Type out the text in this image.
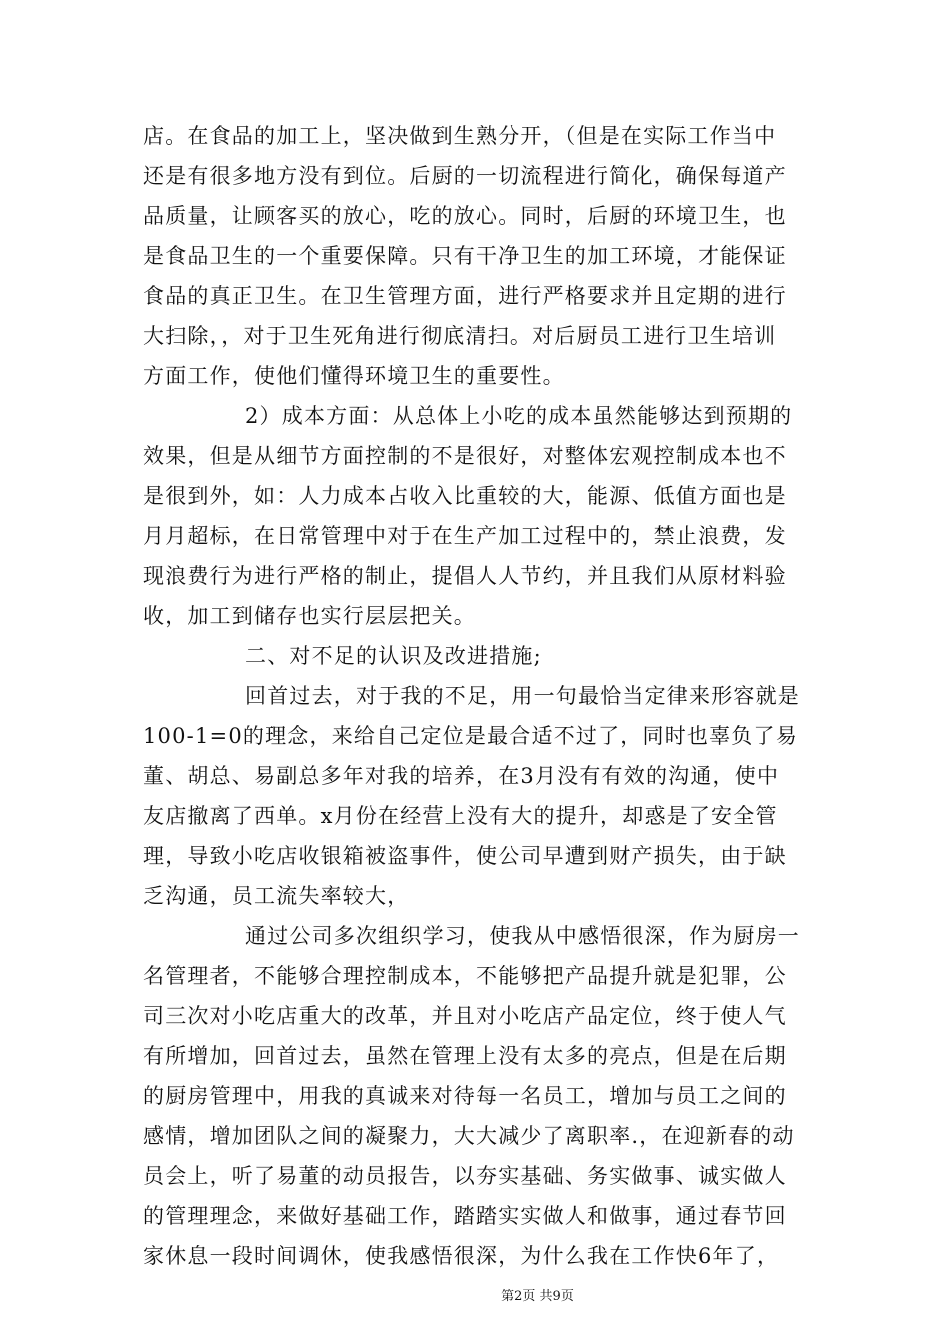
店。在食品的加工上，坚决做到生熟分开，（但是在实际工作当中
还是有很多地方没有到位。后厨的一切流程进行简化，确保每道产
品质量，让顾客买的放心，吃的放心。同时，后厨的环境卫生，也
是食品卫生的一个重要保障。只有干净卫生的加工环境，才能保证
食品的真正卫生。在卫生管理方面，进行严格要求并且定期的进行
大扫除，，对于卫生死角进行彻底清扫。对后厨员工进行卫生培训
方面工作，使他们懂得环境卫生的重要性。
2）成本方面：从总体上小吃的成本虽然能够达到预期的
效果，但是从细节方面控制的不是很好，对整体宏观控制成本也不
是很到外，如：人力成本占收入比重较的大，能源、低值方面也是
月月超标，在日常管理中对于在生产加工过程中的，禁止浪费，发
现浪费行为进行严格的制止，提倡人人节约，并且我们从原材料验
收，加工到储存也实行层层把关。
二、对不足的认识及改进措施;
回首过去，对于我的不足，用一句最恰当定律来形容就是
100-1=0的理念，来给自己定位是最合适不过了，同时也辜负了易
董、胡总、易副总多年对我的培养，在3月没有有效的沟通，使中
友店撤离了西单。x月份在经营上没有大的提升，却惑是了安全管
理，导致小吃店收银箱被盗事件，使公司早遭到财产损失，由于缺
乏沟通，员工流失率较大，
通过公司多次组织学习，使我从中感悟很深，作为厨房一
名管理者，不能够合理控制成本，不能够把产品提升就是犯罪，公
司三次对小吃店重大的改革，并且对小吃店产品定位，终于使人气
有所增加，回首过去，虽然在管理上没有太多的亮点，但是在后期
的厨房管理中，用我的真诚来对待每一名员工，增加与员工之间的
感情，增加团队之间的凝聚力，大大减少了离职率.，在迎新春的动
员会上，听了易董的动员报告，以夯实基础、务实做事、诚实做人
的管理理念，来做好基础工作，踏踏实实做人和做事，通过春节回
家休息一段时间调休，使我感悟很深，为什么我在工作快6年了，
第2页 共9页
